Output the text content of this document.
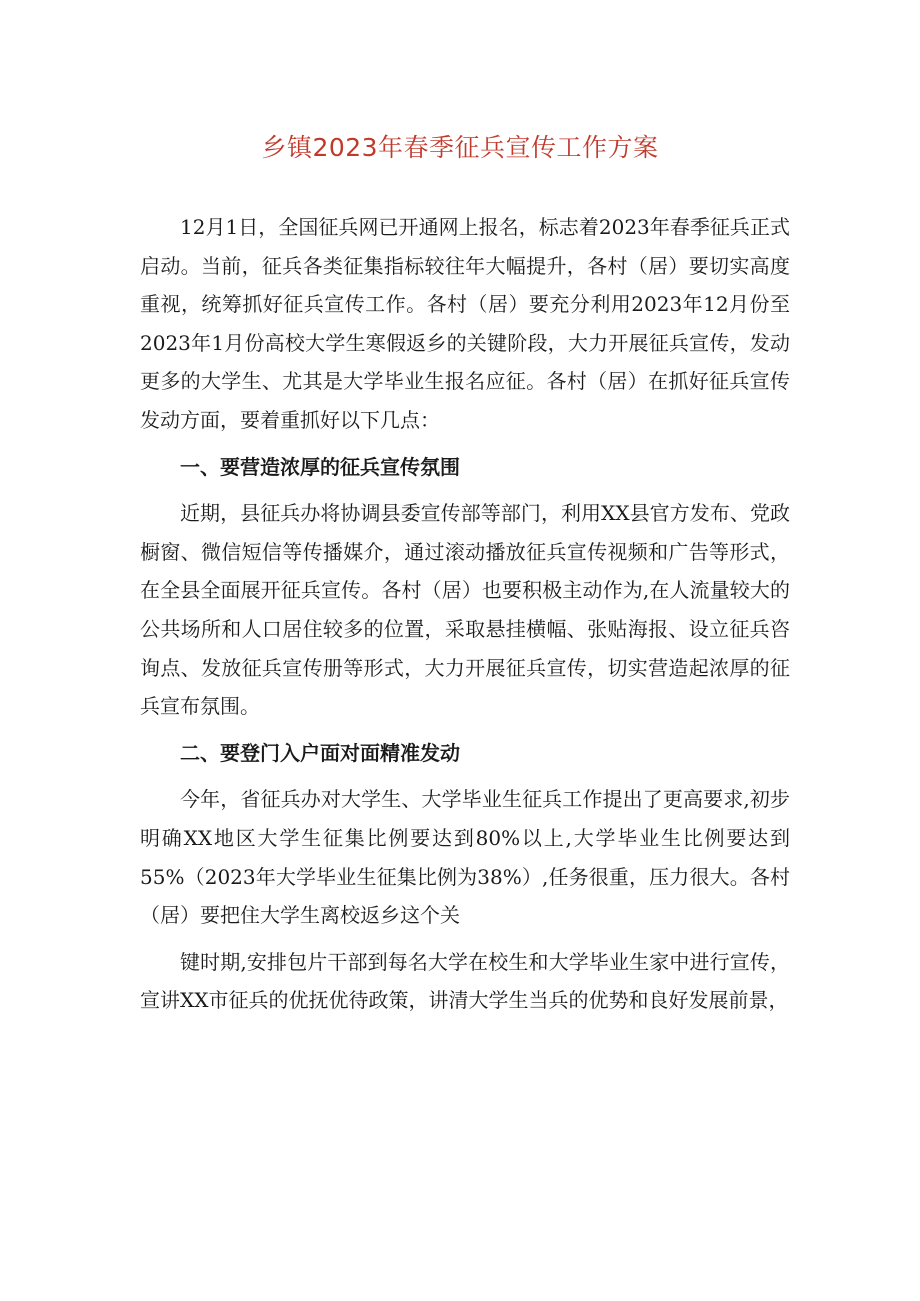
乡镇2023年春季征兵宣传工作方案

12月1日，全国征兵网已开通网上报名，标志着2023年春季征兵正式启动。当前，征兵各类征集指标较往年大幅提升，各村（居）要切实高度重视，统筹抓好征兵宣传工作。各村（居）要充分利用2023年12月份至2023年1月份高校大学生寒假返乡的关键阶段，大力开展征兵宣传，发动更多的大学生、尤其是大学毕业生报名应征。各村（居）在抓好征兵宣传发动方面，要着重抓好以下几点：

一、要营造浓厚的征兵宣传氛围

近期，县征兵办将协调县委宣传部等部门，利用XX县官方发布、党政橱窗、微信短信等传播媒介，通过滚动播放征兵宣传视频和广告等形式，在全县全面展开征兵宣传。各村（居）也要积极主动作为,在人流量较大的公共场所和人口居住较多的位置，采取悬挂横幅、张贴海报、设立征兵咨询点、发放征兵宣传册等形式，大力开展征兵宣传，切实营造起浓厚的征兵宣布氛围。

二、要登门入户面对面精准发动

今年，省征兵办对大学生、大学毕业生征兵工作提出了更高要求,初步明确XX地区大学生征集比例要达到80%以上,大学毕业生比例要达到55%（2023年大学毕业生征集比例为38%）,任务很重，压力很大。各村（居）要把住大学生离校返乡这个关

键时期,安排包片干部到每名大学在校生和大学毕业生家中进行宣传，宣讲XX市征兵的优抚优待政策，讲清大学生当兵的优势和良好发展前景，
